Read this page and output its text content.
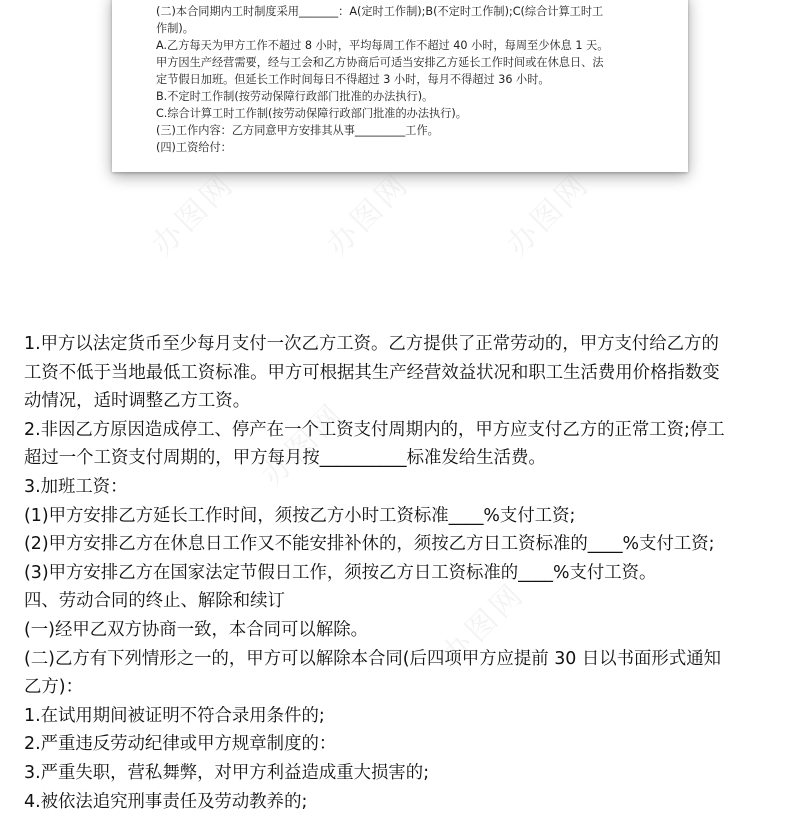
(二)本合同期内工时制度采用_______：A(定时工作制);B(不定时工作制);C(综合计算工时工
作制)。
A.乙方每天为甲方工作不超过 8 小时，平均每周工作不超过 40 小时，每周至少休息 1 天。
甲方因生产经营需要，经与工会和乙方协商后可适当安排乙方延长工作时间或在休息日、法
定节假日加班。但延长工作时间每日不得超过 3 小时，每月不得超过 36 小时。
B.不定时工作制(按劳动保障行政部门批准的办法执行)。
C.综合计算工时工作制(按劳动保障行政部门批准的办法执行)。
(三)工作内容：乙方同意甲方安排其从事_________工作。
(四)工资给付：
办图网	办图网	办图网
办图网
办图网
1.甲方以法定货币至少每月支付一次乙方工资。乙方提供了正常劳动的，甲方支付给乙方的
工资不低于当地最低工资标准。甲方可根据其生产经营效益状况和职工生活费用价格指数变
动情况，适时调整乙方工资。
2.非因乙方原因造成停工、停产在一个工资支付周期内的，甲方应支付乙方的正常工资;停工
超过一个工资支付周期的，甲方每月按__________标准发给生活费。
3.加班工资：
(1)甲方安排乙方延长工作时间，须按乙方小时工资标准____%支付工资;
(2)甲方安排乙方在休息日工作又不能安排补休的，须按乙方日工资标准的____%支付工资;
(3)甲方安排乙方在国家法定节假日工作，须按乙方日工资标准的____%支付工资。
四、劳动合同的终止、解除和续订
(一)经甲乙双方协商一致，本合同可以解除。
(二)乙方有下列情形之一的，甲方可以解除本合同(后四项甲方应提前 30 日以书面形式通知
乙方)：
1.在试用期间被证明不符合录用条件的;
2.严重违反劳动纪律或甲方规章制度的：
3.严重失职，营私舞弊，对甲方利益造成重大损害的;
4.被依法追究刑事责任及劳动教养的;
